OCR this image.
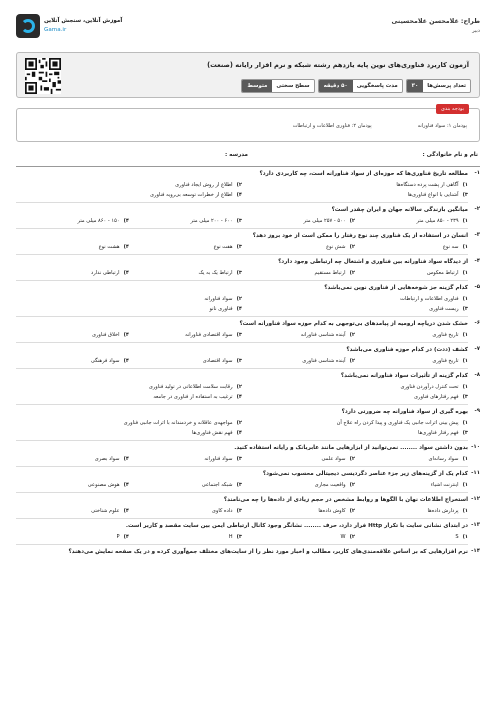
طراح: غلامحسن غلامحسینی
دبیر
آموزش آنلاین، سنجش آنلاین
Gama.ir
آزمون کاربرد فناوری‌های نوین پایه یازدهم رشته شبکه و نرم افزار رایانه (صنعت)
تعداد پرسش‌ها
۳۰
مدت پاسخگویی
۵۰ دقیقه
سطح سختی
متوسط
بودجه بندی
پودمان ۱: سواد فناورانه
پودمان ۲: فناوری اطلاعات و ارتباطات
نام و نام خانوادگی :
مدرسه :
۱-
مطالعه تاریخ فناوری‌ها که حوزه‌ای از سواد فناورانه است، چه کاربردی دارد؟
۱)
آگاهی از پشت پرده دستگاه‌ها
۲)
اطلاع از روش ایجاد فناوری
۳)
آشنایی با انواع فناوری‌ها
۴)
اطلاع از خطرات توسعه بی‌رویه فناوری
۲-
میانگین بازندگی سالانه جهان و ایران چقدر است؟
۱)
۲۳۹ - ۸۵۰ میلی متر
۲)
۵۰۰ - ۲۵۷ میلی متر
۳)
۶۰۰ - ۲۰۰ میلی متر
۴)
۱۵۰ - ۸۶۰ میلی متر
۳-
انسان در استفاده از یک فناوری چند نوع رفتار را ممکن است از خود بروز دهد؟
۱)
سه نوع
۲)
شش نوع
۳)
هفت نوع
۴)
هشت نوع
۴-
از دیدگاه سواد فناورانه بین فناوری و اشتغال چه ارتباطی وجود دارد؟
۱)
ارتباط معکوس
۲)
ارتباط مستقیم
۳)
ارتباط یک به یک
۴)
ارتباطی ندارد
۵-
کدام گزینه جز شوخه‌هایی از فناوری نوین نمی‌باشد؟
۱)
فناوری اطلاعات و ارتباطات
۲)
سواد فناورانه
۳)
زیست فناوری
۴)
فناوری نانو
۶-
خشک شدن دریاچه ارومیه از پیامدهای بی‌توجهی به کدام حوزه سواد فناورانه است؟
۱)
تاریخ فناوری
۲)
آینده شناسی فناورانه
۳)
سواد اقتصادی فناورانه
۴)
اخلاق فناوری
۷-
کشف (ددت) در کدام حوزه فناوری می‌باشد؟
۱)
تاریخ فناوری
۲)
آینده شناسی فناوری
۳)
سواد اقتصادی
۴)
سواد فرهنگی
۸-
کدام گزینه از تأثیرات سواد فناورانه نمی‌باشد؟
۱)
تحت کنترل درآوردن فناوری
۲)
رقابت سلامت اطلاعاتی در تولید فناوری
۳)
فهم رفتارهای فناوری
۴)
ترغیب به استفاده از فناوری در جامعه
۹-
بهره گیری از سواد فناورانه چه ضرورتی دارد؟
۱)
پیش بینی اثرات جانبی یک فناوری و پیدا کردن راه علاج آن
۲)
مواجهه‌ی عاقلانه و خردمندانه با اثرات جانبی فناوری
۳)
فهم رفتار فناوری‌ها
۴)
فهم نقش فناوری‌ها
۱۰-
بدون داشتن سواد ........ نمی‌توانید از ابزارهایی مانند عابربانک و رایانه استفاده کنید.
۱)
سواد رسانه‌ای
۲)
سواد علمی
۳)
سواد فناورانه
۴)
سواد بصری
۱۱-
کدام یک از گزینه‌های زیر جزء عناصر دگردیسی دیجیتالی محسوب نمی‌شود؟
۱)
اینترنت اشیاء
۲)
واقعیت مجازی
۳)
شبکه اجتماعی
۴)
هوش مصنوعی
۱۲-
استخراج اطلاعات نهان با الگوها و روابط مشخص در حجم زیادی از داده‌ها را چه می‌نامند؟
۱)
پردازش داده‌ها
۲)
کاوش داده‌ها
۳)
داده کاوی
۴)
علوم شناختی
۱۳-
در ابتدای نشانی سایت با تکرار Http فرار دارد، حرف ........ نشانگر وجود کانال ارتباطی ایمن بین سایت مقصد و کاربر است.
۱)
S
۲)
W
۳)
H
۴)
P
۱۴-
نرم افزارهایی که بر اساس علاقه‌مندی‌های کاربر، مطالب و اخبار مورد نظر را از سایت‌های مختلف جمع‌آوری کرده و در یک صفحه نمایش می‌دهند؟
